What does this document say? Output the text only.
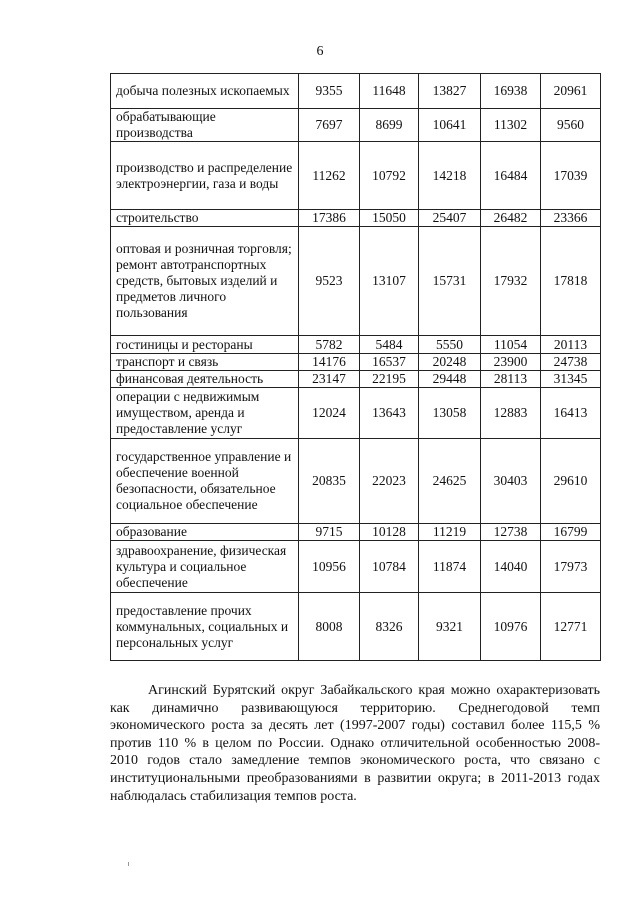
6
добыча полезных ископаемых	9355	11648	13827	16938	20961
обрабатывающие производства	7697	8699	10641	11302	9560
производство и распределение электроэнергии, газа и воды	11262	10792	14218	16484	17039
строительство	17386	15050	25407	26482	23366
оптовая и розничная торговля; ремонт автотранспортных средств, бытовых изделий и предметов личного пользования	9523	13107	15731	17932	17818
гостиницы и рестораны	5782	5484	5550	11054	20113
транспорт и связь	14176	16537	20248	23900	24738
финансовая деятельность	23147	22195	29448	28113	31345
операции с недвижимым имуществом, аренда и предоставление услуг	12024	13643	13058	12883	16413
государственное управление и обеспечение военной безопасности, обязательное социальное обеспечение	20835	22023	24625	30403	29610
образование	9715	10128	11219	12738	16799
здравоохранение, физическая культура и социальное обеспечение	10956	10784	11874	14040	17973
предоставление прочих коммунальных, социальных и персональных услуг	8008	8326	9321	10976	12771

Агинский Бурятский округ Забайкальского края можно охарактеризовать как динамично развивающуюся территорию. Среднегодовой темп экономического роста за десять лет (1997-2007 годы) составил более 115,5 % против 110 % в целом по России. Однако отличительной особенностью 2008-2010 годов стало замедление темпов экономического роста, что связано с институциональными преобразованиями в развитии округа; в 2011-2013 годах наблюдалась стабилизация темпов роста.
